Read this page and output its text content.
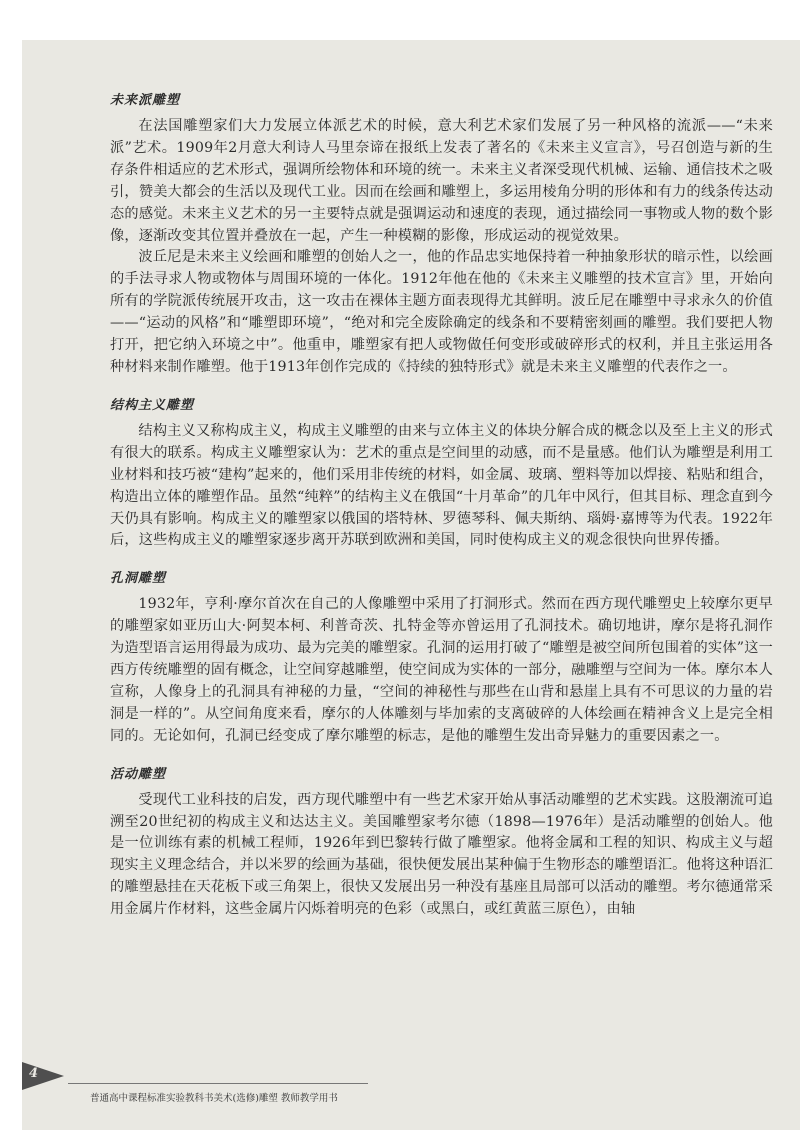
未来派雕塑

在法国雕塑家们大力发展立体派艺术的时候，意大利艺术家们发展了另一种风格的流派——“未来派”艺术。1909年2月意大利诗人马里奈谛在报纸上发表了著名的《未来主义宣言》，号召创造与新的生存条件相适应的艺术形式，强调所绘物体和环境的统一。未来主义者深受现代机械、运输、通信技术之吸引，赞美大都会的生活以及现代工业。因而在绘画和雕塑上，多运用棱角分明的形体和有力的线条传达动态的感觉。未来主义艺术的另一主要特点就是强调运动和速度的表现，通过描绘同一事物或人物的数个影像，逐渐改变其位置并叠放在一起，产生一种模糊的影像，形成运动的视觉效果。

波丘尼是未来主义绘画和雕塑的创始人之一，他的作品忠实地保持着一种抽象形状的暗示性，以绘画的手法寻求人物或物体与周围环境的一体化。1912年他在他的《未来主义雕塑的技术宣言》里，开始向所有的学院派传统展开攻击，这一攻击在裸体主题方面表现得尤其鲜明。波丘尼在雕塑中寻求永久的价值——“运动的风格”和“雕塑即环境”，“绝对和完全废除确定的线条和不要精密刻画的雕塑。我们要把人物打开，把它纳入环境之中”。他重申，雕塑家有把人或物做任何变形或破碎形式的权利，并且主张运用各种材料来制作雕塑。他于1913年创作完成的《持续的独特形式》就是未来主义雕塑的代表作之一。

结构主义雕塑

结构主义又称构成主义，构成主义雕塑的由来与立体主义的体块分解合成的概念以及至上主义的形式有很大的联系。构成主义雕塑家认为：艺术的重点是空间里的动感，而不是量感。他们认为雕塑是利用工业材料和技巧被“建构”起来的，他们采用非传统的材料，如金属、玻璃、塑料等加以焊接、粘贴和组合，构造出立体的雕塑作品。虽然“纯粹”的结构主义在俄国“十月革命”的几年中风行，但其目标、理念直到今天仍具有影响。构成主义的雕塑家以俄国的塔特林、罗德琴科、佩夫斯纳、瑙姆·嘉博等为代表。1922年后，这些构成主义的雕塑家逐步离开苏联到欧洲和美国，同时使构成主义的观念很快向世界传播。

孔洞雕塑

1932年，亨利·摩尔首次在自己的人像雕塑中采用了打洞形式。然而在西方现代雕塑史上较摩尔更早的雕塑家如亚历山大·阿契本柯、利普奇茨、扎特金等亦曾运用了孔洞技术。确切地讲，摩尔是将孔洞作为造型语言运用得最为成功、最为完美的雕塑家。孔洞的运用打破了“雕塑是被空间所包围着的实体”这一西方传统雕塑的固有概念，让空间穿越雕塑，使空间成为实体的一部分，融雕塑与空间为一体。摩尔本人宣称，人像身上的孔洞具有神秘的力量，“空间的神秘性与那些在山背和悬崖上具有不可思议的力量的岩洞是一样的”。从空间角度来看，摩尔的人体雕刻与毕加索的支离破碎的人体绘画在精神含义上是完全相同的。无论如何，孔洞已经变成了摩尔雕塑的标志，是他的雕塑生发出奇异魅力的重要因素之一。

活动雕塑

受现代工业科技的启发，西方现代雕塑中有一些艺术家开始从事活动雕塑的艺术实践。这股潮流可追溯至20世纪初的构成主义和达达主义。美国雕塑家考尔德（1898—1976年）是活动雕塑的创始人。他是一位训练有素的机械工程师，1926年到巴黎转行做了雕塑家。他将金属和工程的知识、构成主义与超现实主义理念结合，并以米罗的绘画为基础，很快便发展出某种偏于生物形态的雕塑语汇。他将这种语汇的雕塑悬挂在天花板下或三角架上，很快又发展出另一种没有基座且局部可以活动的雕塑。考尔德通常采用金属片作材料，这些金属片闪烁着明亮的色彩（或黑白，或红黄蓝三原色），由轴

4
普通高中课程标准实验教科书美术(选修)雕塑 教师教学用书
